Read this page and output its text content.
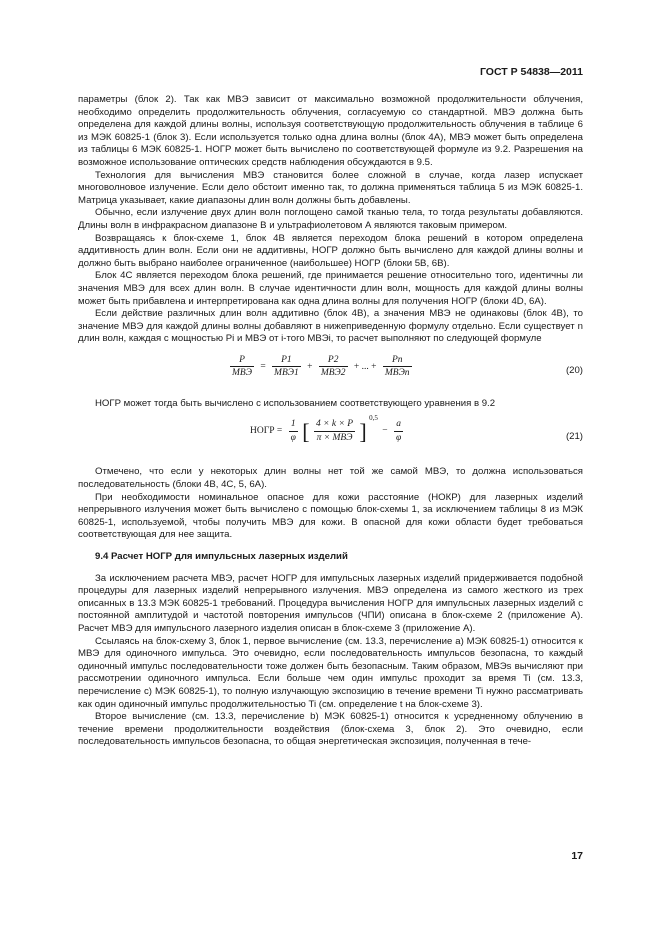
ГОСТ Р 54838—2011

параметры (блок 2). Так как МВЭ зависит от максимально возможной продолжительности облучения, необходимо определить продолжительность облучения, согласуемую со стандартной. МВЭ должна быть определена для каждой длины волны, используя соответствующую продолжительность облучения в таблице 6 из МЭК 60825-1 (блок 3). Если используется только одна длина волны (блок 4А), МВЭ может быть определена из таблицы 6 МЭК 60825-1. НОГР может быть вычислено по соответствующей формуле из 9.2. Разрешения на возможное использование оптических средств наблюдения обсуждаются в 9.5.

Технология для вычисления МВЭ становится более сложной в случае, когда лазер испускает многоволновое излучение. Если дело обстоит именно так, то должна применяться таблица 5 из МЭК 60825-1. Матрица указывает, какие диапазоны длин волн должны быть добавлены.

Обычно, если излучение двух длин волн поглощено самой тканью тела, то тогда результаты добавляются. Длины волн в инфракрасном диапазоне В и ультрафиолетовом А являются таковым примером.

Возвращаясь к блок-схеме 1, блок 4В является переходом блока решений в котором определена аддитивность длин волн. Если они не аддитивны, НОГР должно быть вычислено для каждой длины волны и должно быть выбрано наиболее ограниченное (наибольшее) НОГР (блоки 5В, 6В).

Блок 4С является переходом блока решений, где принимается решение относительно того, идентичны ли значения МВЭ для всех длин волн. В случае идентичности длин волн, мощность для каждой длины волны может быть прибавлена и интерпретирована как одна длина волны для получения НОГР (блоки 4D, 6А).

Если действие различных длин волн аддитивно (блок 4В), а значения МВЭ не одинаковы (блок 4В), то значение МВЭ для каждой длины волны добавляют в нижеприведенную формулу отдельно. Если существует n длин волн, каждая с мощностью Pi и МВЭ от i-того МВЭi, то расчет выполняют по следующей формуле

$\frac{P}{\text{МВЭ}} = \frac{P1}{\text{МВЭ1}} + \frac{P2}{\text{МВЭ2}}$ + ... + $\frac{Pn}{\text{МВЭn}}$	(20)

НОГР может тогда быть вычислено с использованием соответствующего уравнения в 9.2

НОГР = $\frac{1}{\varphi}$ [ $\frac{4 \times k \times P}{\text{π × МВЭ}}$ ] $0,5 - \frac{a}{\varphi}$	(21)

Отмечено, что если у некоторых длин волны нет той же самой МВЭ, то должна использоваться последовательность (блоки 4В, 4С, 5, 6А).

При необходимости номинальное опасное для кожи расстояние (НОКР) для лазерных изделий непрерывного излучения может быть вычислено с помощью блок-схемы 1, за исключением таблицы 8 из МЭК 60825-1, используемой, чтобы получить МВЭ для кожи. В опасной для кожи области будет требоваться соответствующая для нее защита.

9.4 Расчет НОГР для импульсных лазерных изделий

За исключением расчета МВЭ, расчет НОГР для импульсных лазерных изделий придерживается подобной процедуры для лазерных изделий непрерывного излучения. МВЭ определена из самого жесткого из трех описанных в 13.3 МЭК 60825-1 требований. Процедура вычисления НОГР для импульсных лазерных изделий с постоянной амплитудой и частотой повторения импульсов (ЧПИ) описана в блок-схеме 2 (приложение А). Расчет МВЭ для импульсного лазерного изделия описан в блок-схеме 3 (приложение А).

Ссылаясь на блок-схему 3, блок 1, первое вычисление (см. 13.3, перечисление а) МЭК 60825-1) относится к МВЭ для одиночного импульса. Это очевидно, если последовательность импульсов безопасна, то каждый одиночный импульс последовательности тоже должен быть безопасным. Таким образом, МВЭs вычисляют при рассмотрении одиночного импульса. Если больше чем один импульс проходит за время Ti (см. 13.3, перечисление с) МЭК 60825-1), то полную излучающую экспозицию в течение времени Ti нужно рассматривать как один одиночный импульс продолжительностью Ti (см. определение t на блок-схеме 3).

Второе вычисление (см. 13.3, перечисление b) МЭК 60825-1) относится к усредненному облучению в течение времени продолжительности воздействия (блок-схема 3, блок 2). Это очевидно, если последовательность импульсов безопасна, то общая энергетическая экспозиция, полученная в тече-

17
